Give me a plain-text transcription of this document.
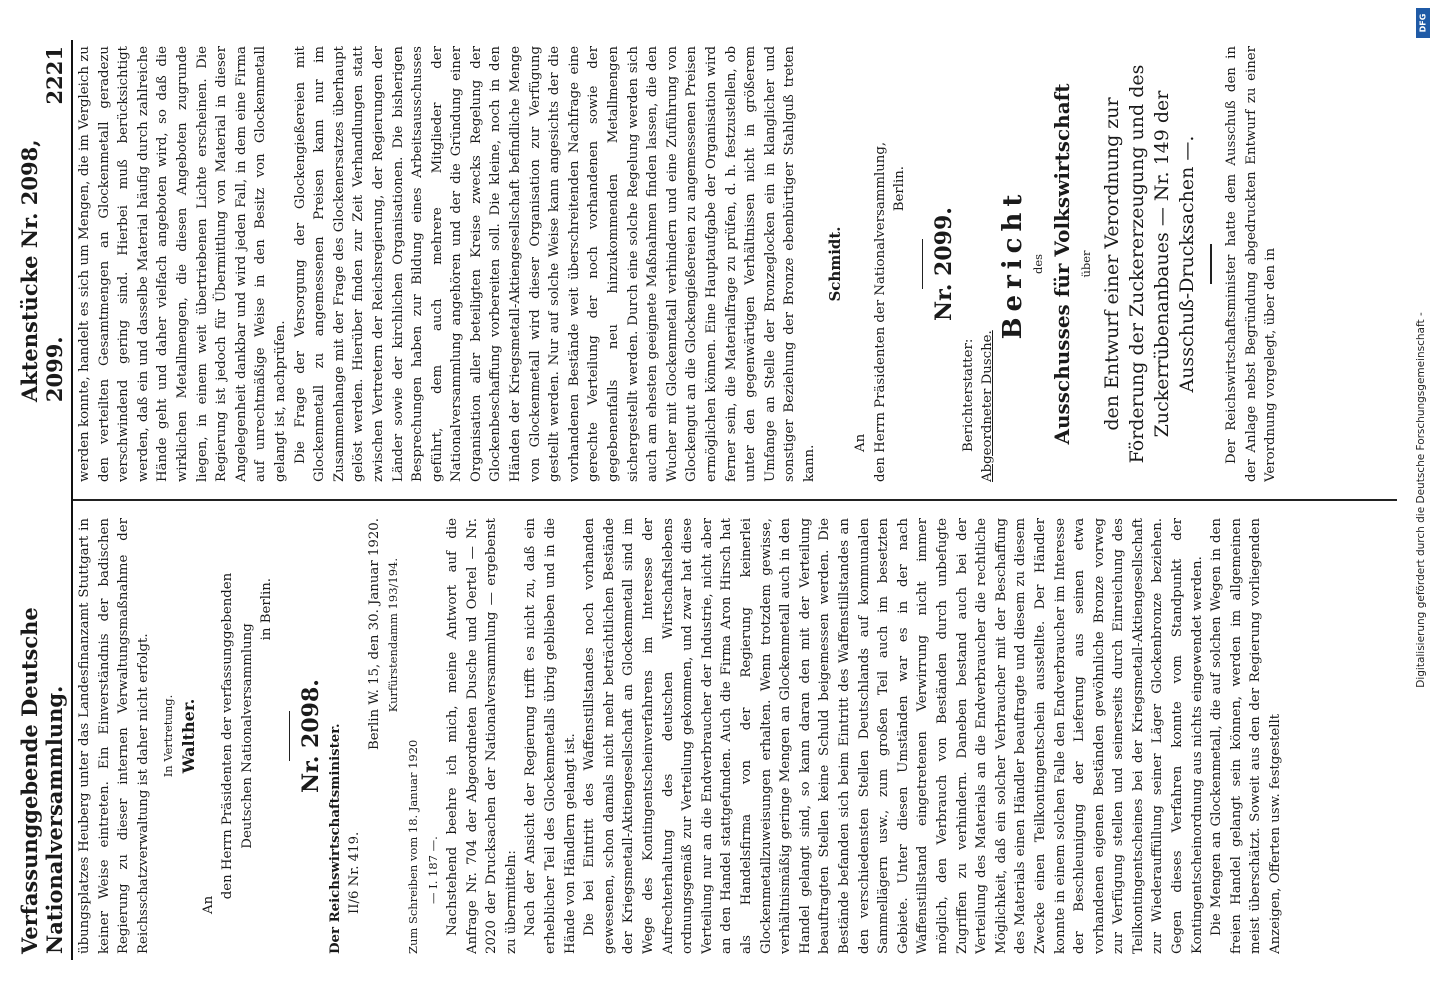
Verfassunggebende Deutsche Nationalversammlung.
Aktenstücke Nr. 2098, 2099.
2221

übungsplatzes Heuberg unter das Landesfinanzamt Stuttgart in keiner Weise eintreten. Ein Einverständnis der badischen Regierung zu dieser internen Verwaltungsmaßnahme der Reichsschatzverwaltung ist daher nicht erfolgt. In Vertretung. Walther.

An

den Herrn Präsidenten der verfassunggebenden Deutschen Nationalversammlung

in Berlin.

Nr. 2098. Der Reichswirtschaftsminister. II/6 Nr. 419.

Berlin W. 15, den 30. Januar 1920. Kurfürstendamm 193/194.

Zum Schreiben vom 18. Januar 1920 — I. 187 —. Nachstehend beehre ich mich, meine Antwort auf die Anfrage Nr. 704 der Abgeordneten Dusche und Oertel — Nr. 2020 der Drucksachen der Nationalversammlung — ergebenst zu übermitteln: Nach der Ansicht der Regierung trifft es nicht zu, daß ein erheblicher Teil des Glockenmetalls übrig geblieben und in die Hände von Händlern gelangt ist. Die bei Eintritt des Waffenstillstandes noch vorhanden gewesenen, schon damals nicht mehr beträchtlichen Bestände der Kriegsmetall-Aktiengesellschaft an Glockenmetall sind im Wege des Kontingentscheinverfahrens im Interesse der Aufrechterhaltung des deutschen Wirtschaftslebens ordnungsgemäß zur Verteilung gekommen, und zwar hat diese Verteilung nur an die Endverbraucher der Industrie, nicht aber an den Handel stattgefunden. Auch die Firma Aron Hirsch hat als Handelsfirma von der Regierung keinerlei Glockenmetallzuweisungen erhalten. Wenn trotzdem gewisse, verhältnismäßig geringe Mengen an Glockenmetall auch in den Handel gelangt sind, so kann daran den mit der Verteilung beauftragten Stellen keine Schuld beigemessen werden. Die Bestände befanden sich beim Eintritt des Waffenstillstandes an den verschiedensten Stellen Deutschlands auf kommunalen Sammellägern usw., zum großen Teil auch im besetzten Gebiete. Unter diesen Umständen war es in der nach Waffenstillstand eingetretenen Verwirrung nicht immer möglich, den Verbrauch von Beständen durch unbefugte Zugriffen zu verhindern. Daneben bestand auch bei der Verteilung des Materials an die Endverbraucher die rechtliche Möglichkeit, daß ein solcher Verbraucher mit der Beschaffung des Materials einen Händler beauftragte und diesem zu diesem Zwecke einen Teilkontingentschein ausstellte. Der Händler konnte in einem solchen Falle den Endverbraucher im Interesse der Beschleunigung der Lieferung aus seinen etwa vorhandenen eigenen Beständen gewöhnliche Bronze vorweg zur Verfügung stellen und seinerseits durch Einreichung des Teilkontingentscheines bei der Kriegsmetall-Aktiengesellschaft zur Wiederauffüllung seiner Läger Glockenbronze beziehen. Gegen dieses Verfahren konnte vom Standpunkt der Kontingentscheinordnung aus nichts eingewendet werden. Die Mengen an Glockenmetall, die auf solchen Wegen in den freien Handel gelangt sein können, werden im allgemeinen meist überschätzt. Soweit aus den der Regierung vorliegenden Anzeigen, Offerten usw. festgestellt

werden konnte, handelt es sich um Mengen, die im Vergleich zu den verteilten Gesamtmengen an Glockenmetall geradezu verschwindend gering sind. Hierbei muß berücksichtigt werden, daß ein und dasselbe Material häufig durch zahlreiche Hände geht und daher vielfach angeboten wird, so daß die wirklichen Metallmengen, die diesen Angeboten zugrunde liegen, in einem weit übertriebenen Lichte erscheinen. Die Regierung ist jedoch für Übermittlung von Material in dieser Angelegenheit dankbar und wird jeden Fall, in dem eine Firma auf unrechtmäßige Weise in den Besitz von Glockenmetall gelangt ist, nachprüfen. Die Frage der Versorgung der Glockengießereien mit Glockenmetall zu angemessenen Preisen kann nur im Zusammenhange mit der Frage des Glockenersatzes überhaupt gelöst werden. Hierüber finden zur Zeit Verhandlungen statt zwischen Vertretern der Reichsregierung, der Regierungen der Länder sowie der kirchlichen Organisationen. Die bisherigen Besprechungen haben zur Bildung eines Arbeitsausschusses geführt, dem auch mehrere Mitglieder der Nationalversammlung angehören und der die Gründung einer Organisation aller beteiligten Kreise zwecks Regelung der Glockenbeschaffung vorbereiten soll. Die kleine, noch in den Händen der Kriegsmetall-Aktiengesellschaft befindliche Menge von Glockenmetall wird dieser Organisation zur Verfügung gestellt werden. Nur auf solche Weise kann angesichts der die vorhandenen Bestände weit überschreitenden Nachfrage eine gerechte Verteilung der noch vorhandenen sowie der gegebenenfalls neu hinzukommenden Metallmengen sichergestellt werden. Durch eine solche Regelung werden sich auch am ehesten geeignete Maßnahmen finden lassen, die den Wucher mit Glockenmetall verhindern und eine Zuführung von Glockengut an die Glockengießereien zu angemessenen Preisen ermöglichen können. Eine Hauptaufgabe der Organisation wird ferner sein, die Materialfrage zu prüfen, d. h. festzustellen, ob unter den gegenwärtigen Verhältnissen nicht in größerem Umfange an Stelle der Bronzeglocken ein in klanglicher und sonstiger Beziehung der Bronze ebenbürtiger Stahlguß treten kann.

Schmidt.

An den Herrn Präsidenten der Nationalversammlung, Berlin.

Nr. 2099.

Berichterstatter: Abgeordneter Dusche.

Bericht des Ausschusses für Volkswirtschaft über den Entwurf einer Verordnung zur Förderung der Zuckererzeugung und des Zuckerrübenanbaues — Nr. 149 der Ausschuß-Drucksachen —. Der Reichswirtschaftsminister hatte dem Ausschuß den in der Anlage nebst Begründung abgedruckten Entwurf zu einer Verordnung vorgelegt, über den in	Digitalisierung gefördert durch die Deutsche Forschungsgemeinschaft -
DFG
